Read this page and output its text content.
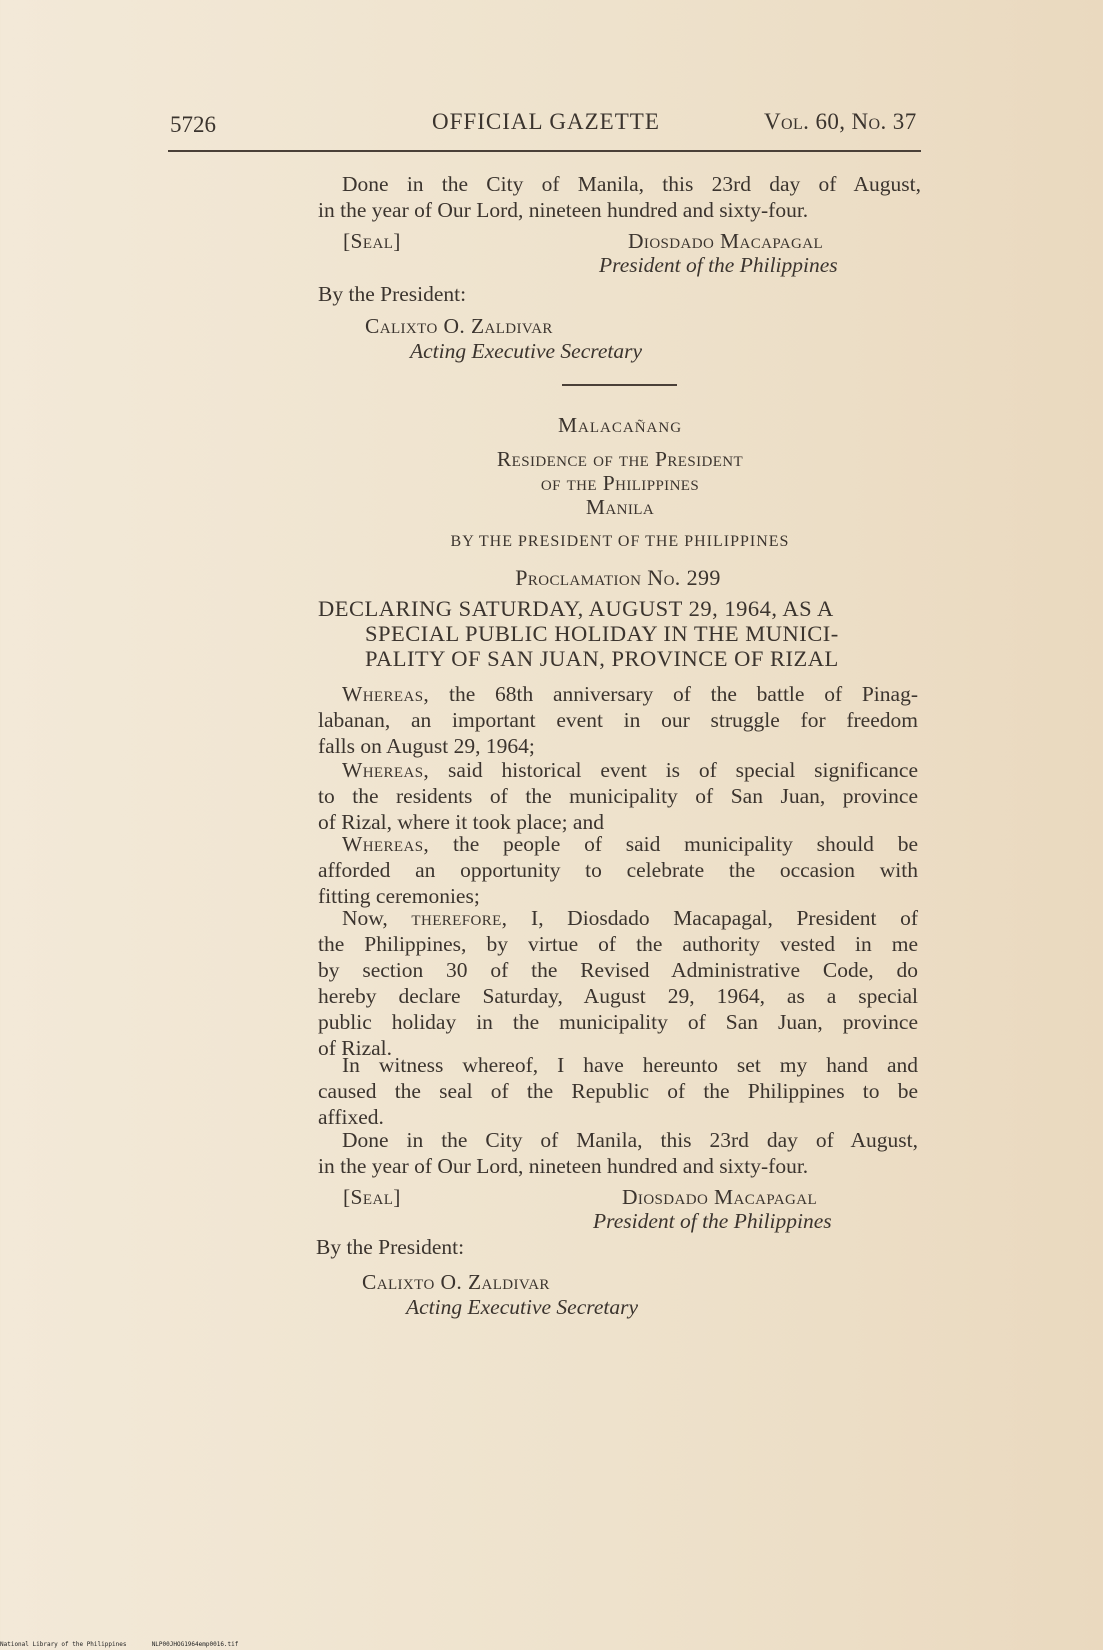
5726	OFFICIAL GAZETTE	Vol. 60, No. 37
Done in the City of Manila, this 23rd day of August,
in the year of Our Lord, nineteen hundred and sixty-four.
[Seal]	Diosdado Macapagal
President of the Philippines
By the President:
Calixto O. Zaldivar
Acting Executive Secretary
Malacañang
Residence of the President
of the Philippines
Manila
BY THE PRESIDENT OF THE PHILIPPINES
Proclamation No. 299
DECLARING SATURDAY, AUGUST 29, 1964, AS A
SPECIAL PUBLIC HOLIDAY IN THE MUNICI-
PALITY OF SAN JUAN, PROVINCE OF RIZAL
Whereas, the 68th anniversary of the battle of Pinag-
labanan, an important event in our struggle for freedom
falls on August 29, 1964;
Whereas, said historical event is of special significance
to the residents of the municipality of San Juan, province
of Rizal, where it took place; and
Whereas, the people of said municipality should be
afforded an opportunity to celebrate the occasion with
fitting ceremonies;
Now, therefore, I, Diosdado Macapagal, President of
the Philippines, by virtue of the authority vested in me
by section 30 of the Revised Administrative Code, do
hereby declare Saturday, August 29, 1964, as a special
public holiday in the municipality of San Juan, province
of Rizal.
In witness whereof, I have hereunto set my hand and
caused the seal of the Republic of the Philippines to be
affixed.
Done in the City of Manila, this 23rd day of August,
in the year of Our Lord, nineteen hundred and sixty-four.
[Seal]	Diosdado Macapagal
President of the Philippines
By the President:
Calixto O. Zaldivar
Acting Executive Secretary
National Library of the Philippines	NLP00JHOG1964emp0016.tif
